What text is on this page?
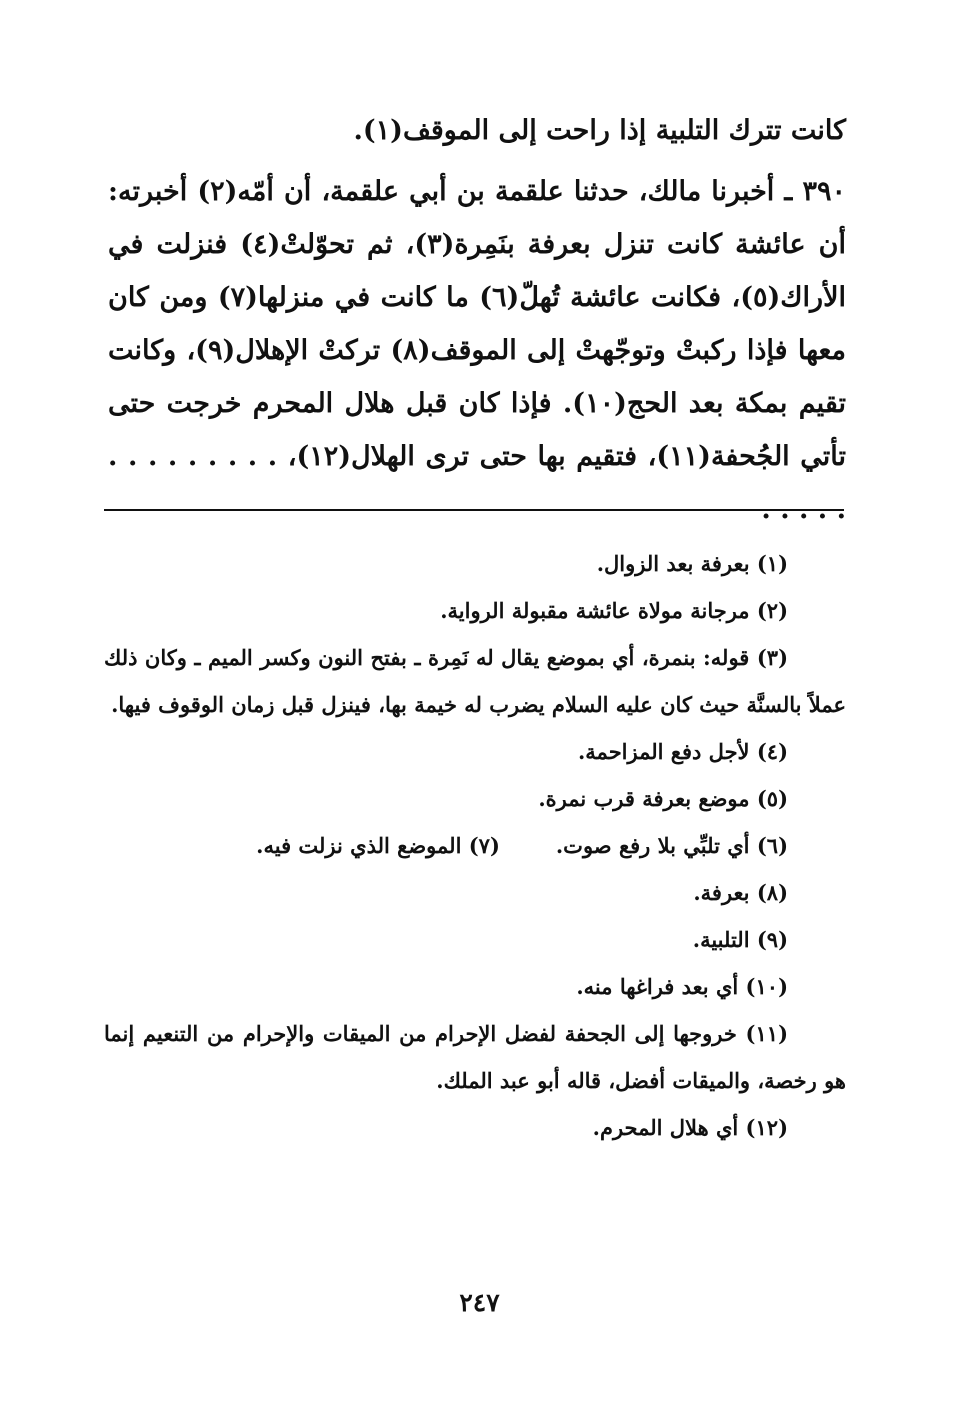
كانت تترك التلبية إذا راحت إلى الموقف(١).

٣٩٠ ـ أخبرنا مالك، حدثنا علقمة بن أبي علقمة، أن أمّه(٢) أخبرته: أن عائشة كانت تنزل بعرفة بنَمِرة(٣)، ثم تحوّلتْ(٤) فنزلت في الأراك(٥)، فكانت عائشة تُهلّ(٦) ما كانت في منزلها(٧) ومن كان معها فإذا ركبتْ وتوجّهتْ إلى الموقف(٨) تركتْ الإهلال(٩)، وكانت تقيم بمكة بعد الحج(١٠). فإذا كان قبل هلال المحرم خرجت حتى تأتي الجُحفة(١١)، فتقيم بها حتى ترى الهلال(١٢)، . . . . . . . . . . . . . .

(١) بعرفة بعد الزوال.

(٢) مرجانة مولاة عائشة مقبولة الرواية.

(٣) قوله: بنمرة، أي بموضع يقال له نَمِرة ـ بفتح النون وكسر الميم ـ وكان ذلك عملاً بالسنَّة حيث كان عليه السلام يضرب له خيمة بها، فينزل قبل زمان الوقوف فيها.

(٤) لأجل دفع المزاحمة.

(٥) موضع بعرفة قرب نمرة.

(٦) أي تلبِّي بلا رفع صوت.

(٧) الموضع الذي نزلت فيه.

(٨) بعرفة.

(٩) التلبية.

(١٠) أي بعد فراغها منه.

(١١) خروجها إلى الجحفة لفضل الإحرام من الميقات والإحرام من التنعيم إنما هو رخصة، والميقات أفضل، قاله أبو عبد الملك.

(١٢) أي هلال المحرم.

٢٤٧
